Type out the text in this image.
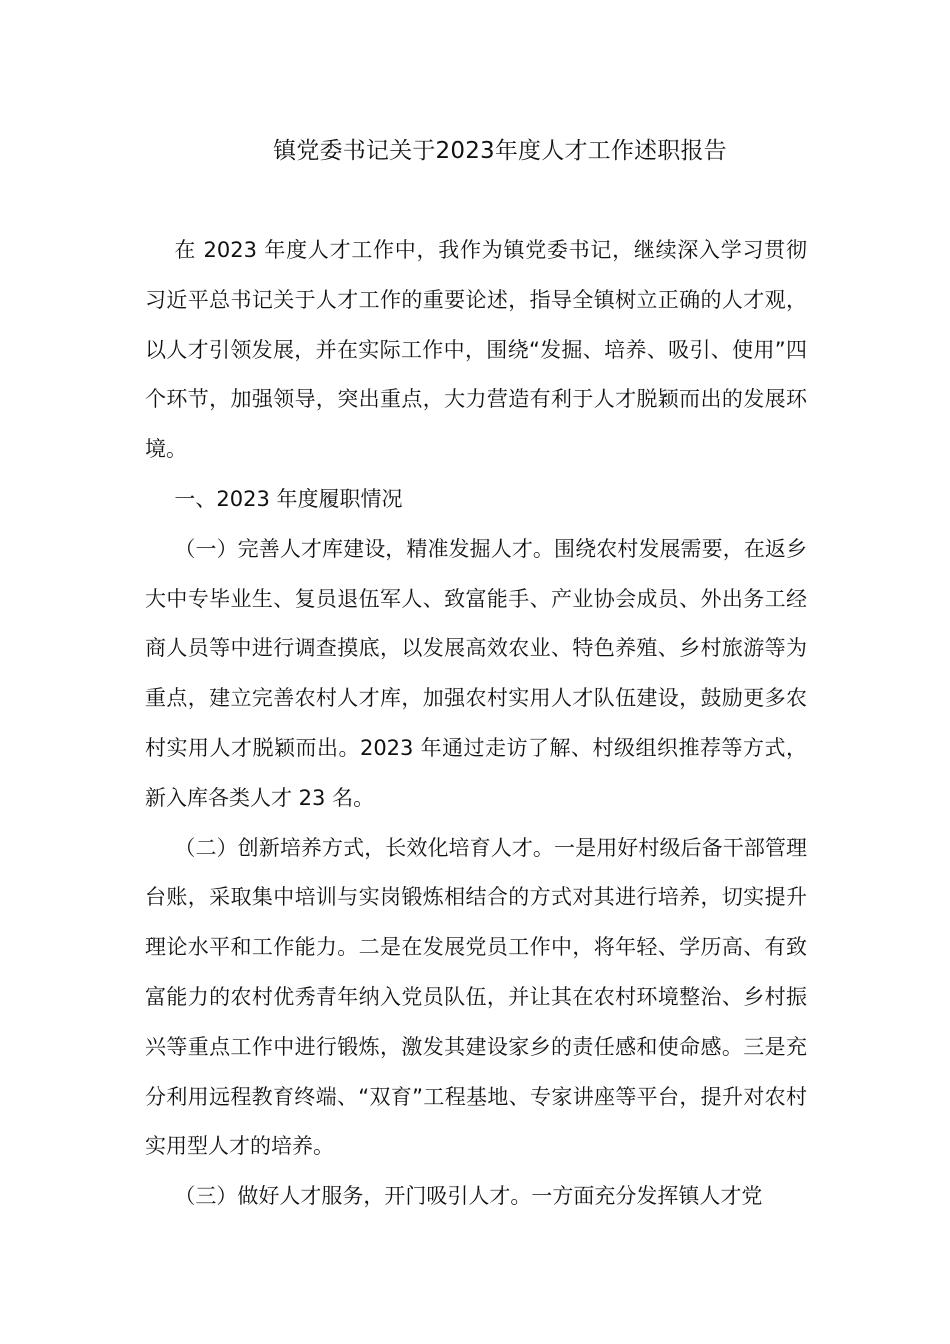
镇党委书记关于2023年度人才工作述职报告

在 2023 年度人才工作中，我作为镇党委书记，继续深入学习贯彻习近平总书记关于人才工作的重要论述，指导全镇树立正确的人才观，以人才引领发展，并在实际工作中，围绕“发掘、培养、吸引、使用”四个环节，加强领导，突出重点，大力营造有利于人才脱颖而出的发展环境。

一、2023 年度履职情况

（一）完善人才库建设，精准发掘人才。围绕农村发展需要，在返乡大中专毕业生、复员退伍军人、致富能手、产业协会成员、外出务工经商人员等中进行调查摸底，以发展高效农业、特色养殖、乡村旅游等为重点，建立完善农村人才库，加强农村实用人才队伍建设，鼓励更多农村实用人才脱颖而出。2023 年通过走访了解、村级组织推荐等方式，新入库各类人才 23 名。

（二）创新培养方式，长效化培育人才。一是用好村级后备干部管理台账，采取集中培训与实岗锻炼相结合的方式对其进行培养，切实提升理论水平和工作能力。二是在发展党员工作中，将年轻、学历高、有致富能力的农村优秀青年纳入党员队伍，并让其在农村环境整治、乡村振兴等重点工作中进行锻炼，激发其建设家乡的责任感和使命感。三是充分利用远程教育终端、“双育”工程基地、专家讲座等平台，提升对农村实用型人才的培养。

（三）做好人才服务，开门吸引人才。一方面充分发挥镇人才党
